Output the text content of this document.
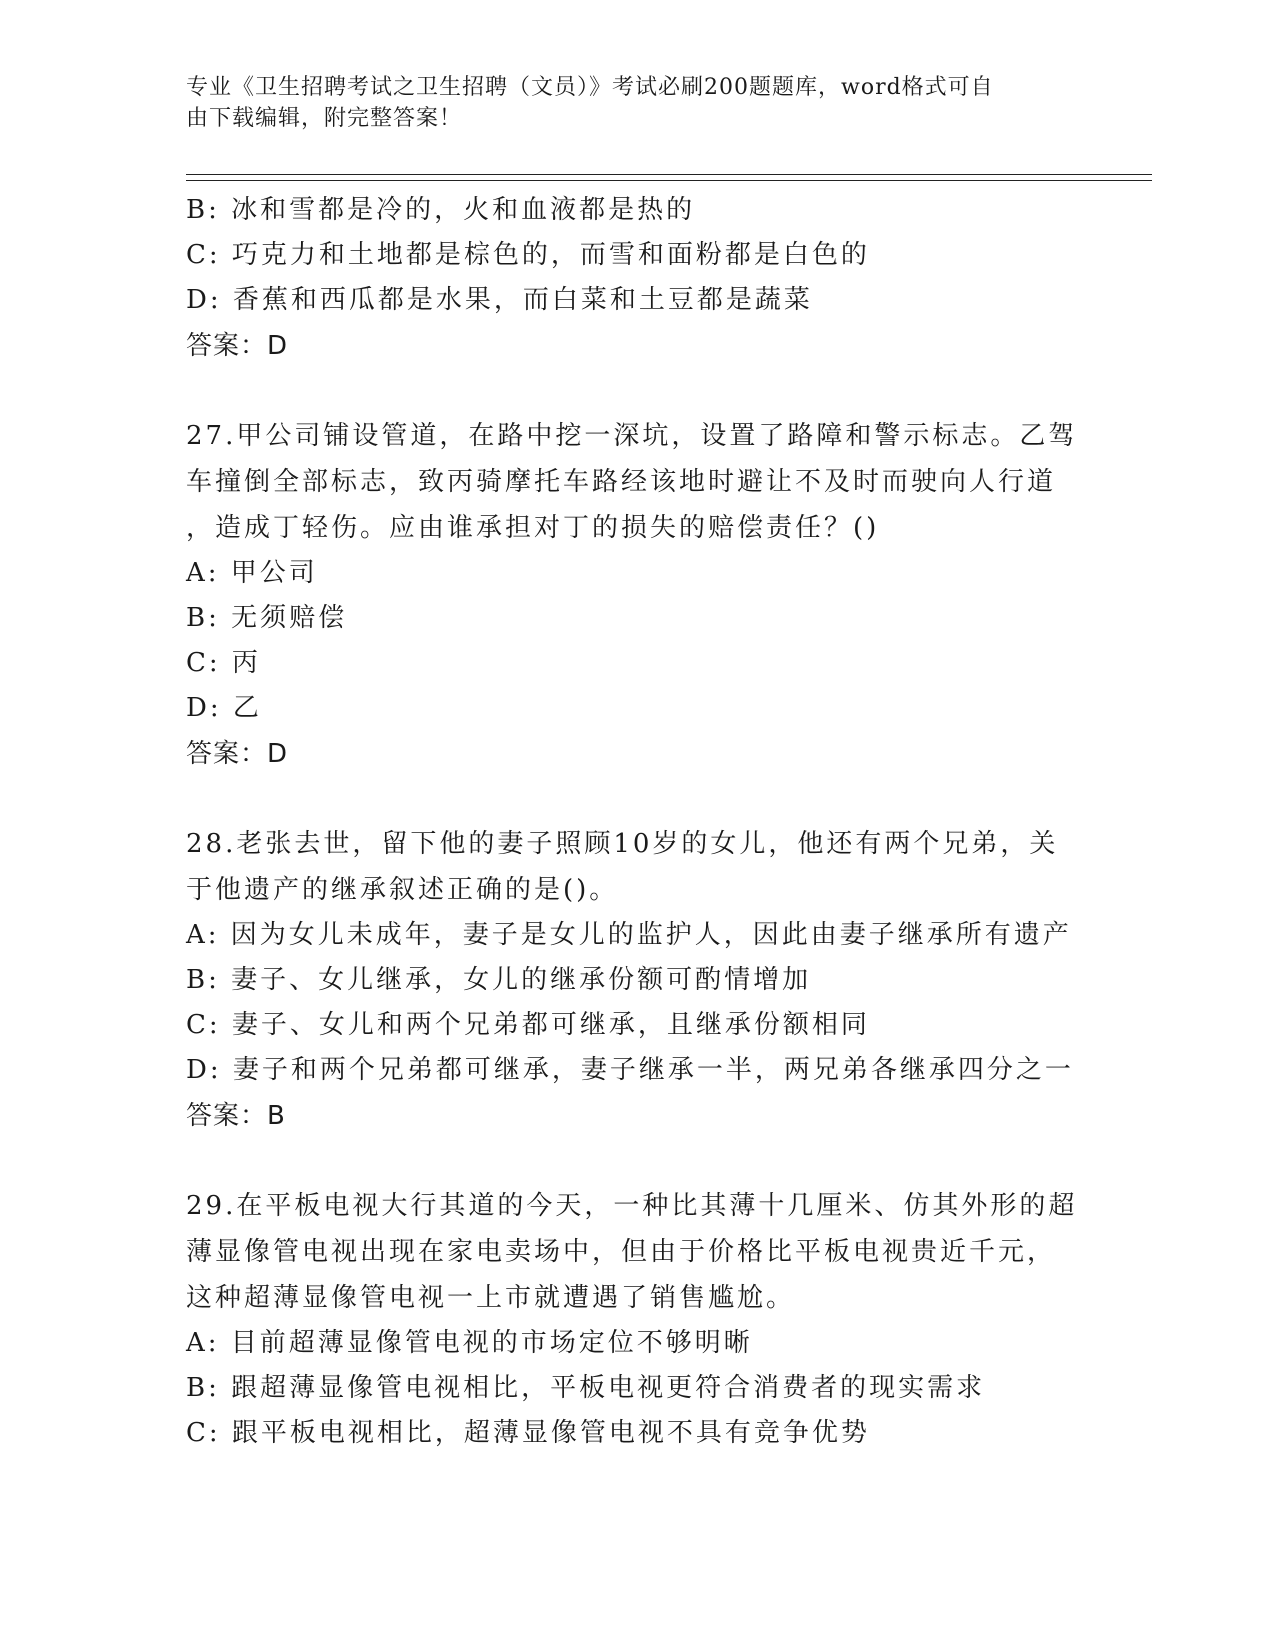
专业《卫生招聘考试之卫生招聘（文员）》考试必刷200题题库，word格式可自
由下载编辑，附完整答案！
B: 冰和雪都是冷的，火和血液都是热的
C: 巧克力和土地都是棕色的，而雪和面粉都是白色的
D: 香蕉和西瓜都是水果，而白菜和土豆都是蔬菜
答案：D
27.甲公司铺设管道，在路中挖一深坑，设置了路障和警示标志。乙驾
车撞倒全部标志，致丙骑摩托车路经该地时避让不及时而驶向人行道
，造成丁轻伤。应由谁承担对丁的损失的赔偿责任？()
A: 甲公司
B: 无须赔偿
C: 丙
D: 乙
答案：D
28.老张去世，留下他的妻子照顾10岁的女儿，他还有两个兄弟，关
于他遗产的继承叙述正确的是()。
A: 因为女儿未成年，妻子是女儿的监护人，因此由妻子继承所有遗产
B: 妻子、女儿继承，女儿的继承份额可酌情增加
C: 妻子、女儿和两个兄弟都可继承，且继承份额相同
D: 妻子和两个兄弟都可继承，妻子继承一半，两兄弟各继承四分之一
答案：B
29.在平板电视大行其道的今天，一种比其薄十几厘米、仿其外形的超
薄显像管电视出现在家电卖场中，但由于价格比平板电视贵近千元，
这种超薄显像管电视一上市就遭遇了销售尴尬。
A: 目前超薄显像管电视的市场定位不够明晰
B: 跟超薄显像管电视相比，平板电视更符合消费者的现实需求
C: 跟平板电视相比，超薄显像管电视不具有竞争优势
